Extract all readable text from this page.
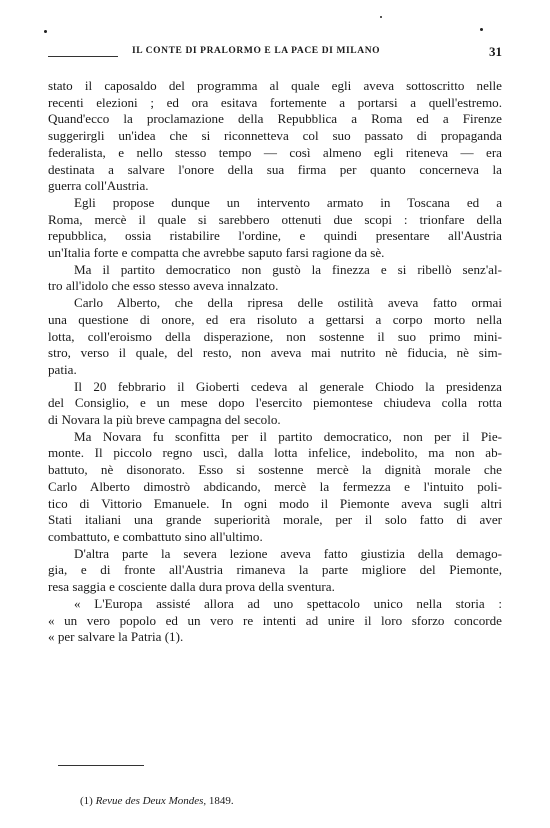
IL CONTE DI PRALORMO E LA PACE DI MILANO	31

stato il caposaldo del programma al quale egli aveva sottoscritto nelle
recenti elezioni ; ed ora esitava fortemente a portarsi a quell'estremo.
Quand'ecco la proclamazione della Repubblica a Roma ed a Firenze
suggerirgli un'idea che si riconnetteva col suo passato di propaganda
federalista, e nello stesso tempo — così almeno egli riteneva — era
destinata a salvare l'onore della sua firma per quanto concerneva la
guerra coll'Austria.

Egli propose dunque un intervento armato in Toscana ed a
Roma, mercè il quale si sarebbero ottenuti due scopi : trionfare della
repubblica, ossia ristabilire l'ordine, e quindi presentare all'Austria
un'Italia forte e compatta che avrebbe saputo farsi ragione da sè.

Ma il partito democratico non gustò la finezza e si ribellò senz'al-
tro all'idolo che esso stesso aveva innalzato.

Carlo Alberto, che della ripresa delle ostilità aveva fatto ormai
una questione di onore, ed era risoluto a gettarsi a corpo morto nella
lotta, coll'eroismo della disperazione, non sostenne il suo primo mini-
stro, verso il quale, del resto, non aveva mai nutrito nè fiducia, nè sim-
patia.

Il 20 febbrario il Gioberti cedeva al generale Chiodo la presidenza
del Consiglio, e un mese dopo l'esercito piemontese chiudeva colla rotta
di Novara la più breve campagna del secolo.

Ma Novara fu sconfitta per il partito democratico, non per il Pie-
monte. Il piccolo regno uscì, dalla lotta infelice, indebolito, ma non ab-
battuto, nè disonorato. Esso si sostenne mercè la dignità morale che
Carlo Alberto dimostrò abdicando, mercè la fermezza e l'intuito poli-
tico di Vittorio Emanuele. In ogni modo il Piemonte aveva sugli altri
Stati italiani una grande superiorità morale, per il solo fatto di aver
combattuto, e combattuto sino all'ultimo.

D'altra parte la severa lezione aveva fatto giustizia della demago-
gia, e di fronte all'Austria rimaneva la parte migliore del Piemonte,
resa saggia e cosciente dalla dura prova della sventura.

« L'Europa assisté allora ad uno spettacolo unico nella storia :
« un vero popolo ed un vero re intenti ad unire il loro sforzo concorde
« per salvare la Patria (1).

(1) Revue des Deux Mondes, 1849.
